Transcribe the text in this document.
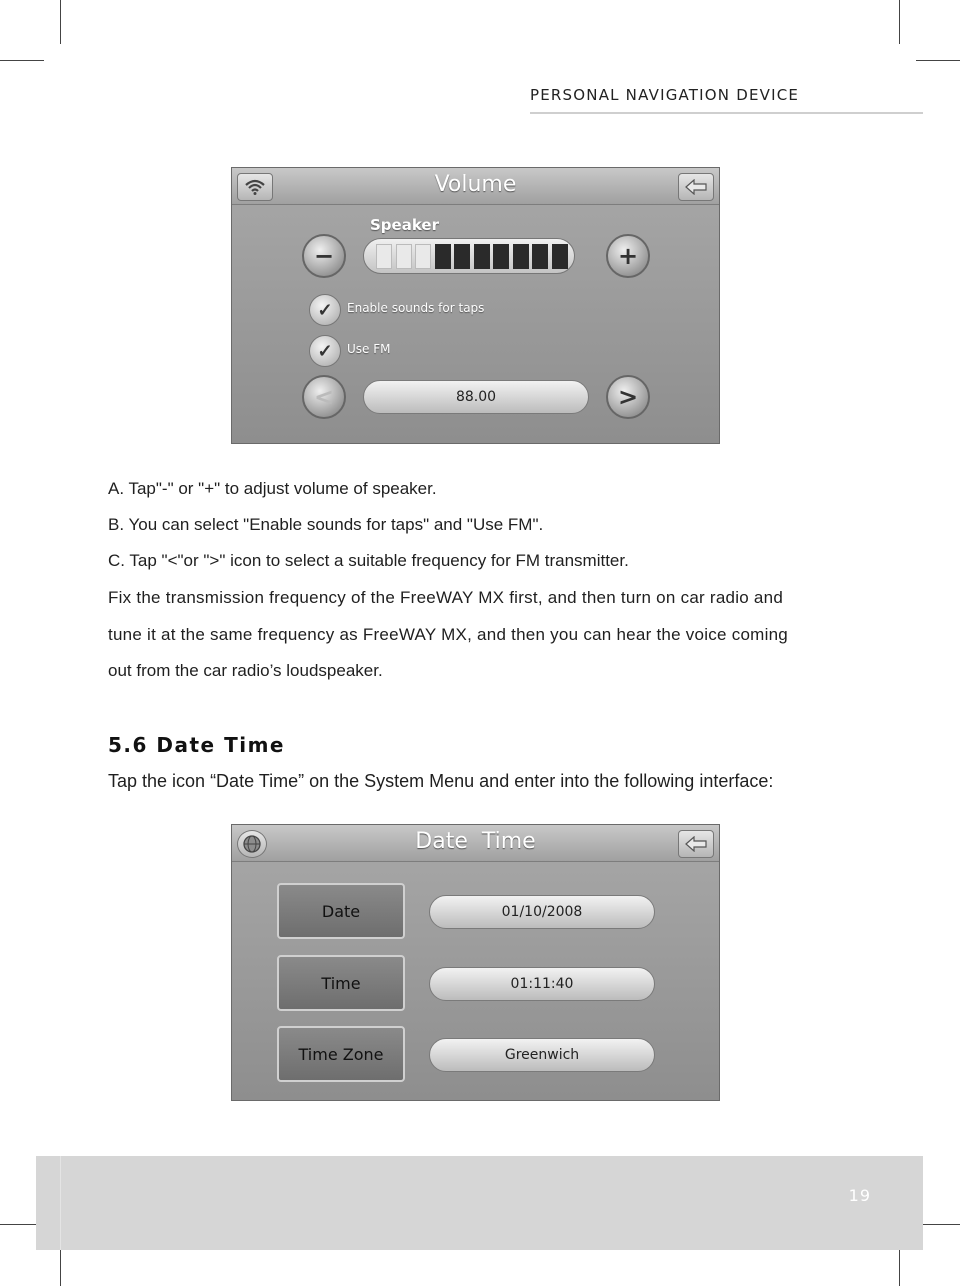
PERSONAL NAVIGATION DEVICE
Volume
Speaker
−	+
✓	Enable sounds for taps
✓	Use FM
<	88.00	>
A. Tap"-" or "+" to adjust volume of speaker.
B. You can select "Enable sounds for taps" and "Use FM".
C. Tap "<"or ">" icon to select a suitable frequency for FM transmitter.
Fix the transmission frequency of the FreeWAY MX first, and then turn on car radio and
tune it at the same frequency as FreeWAY MX, and then you can hear the voice coming
out from the car radio’s loudspeaker.
5.6 Date Time
Tap the icon “Date Time” on the System Menu and enter into the following interface:
Date  Time
Date	01/10/2008
Time	01:11:40
Time Zone	Greenwich
19
